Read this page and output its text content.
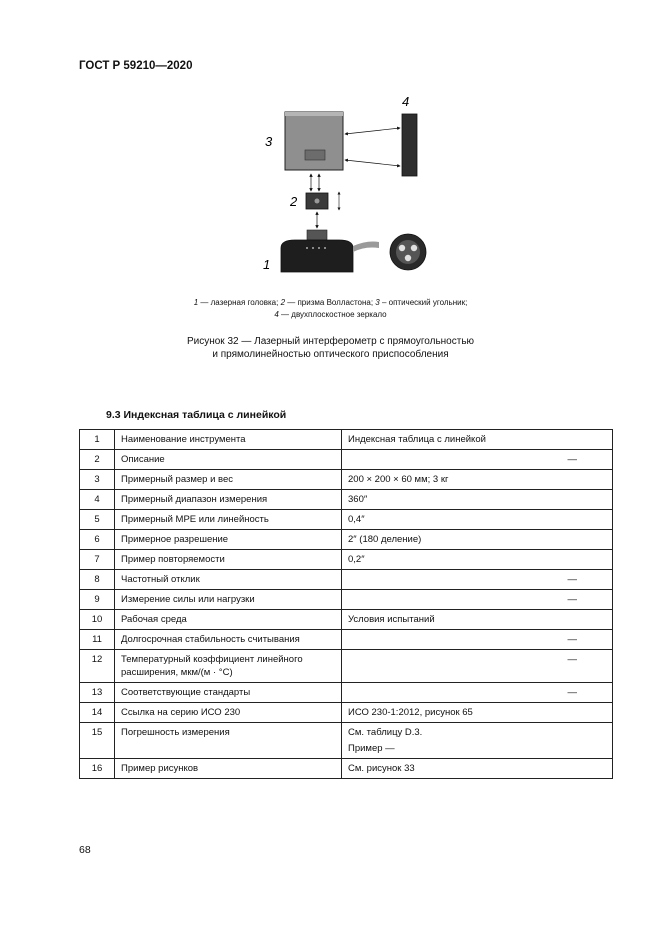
ГОСТ Р 59210—2020
3
4
2
1
1 — лазерная головка; 2 — призма Волластона; 3 – оптический угольник;
4 — двухплоскостное зеркало
Рисунок 32 — Лазерный интерферометр с прямоугольностью
и прямолинейностью оптического приспособления
9.3 Индексная таблица с линейкой
1	Наименование инструмента	Индексная таблица с линейкой
2	Описание	—
3	Примерный размер и вес	200 × 200 × 60 мм; 3 кг
4	Примерный диапазон измерения	360″
5	Примерный МРЕ или линейность	0,4″
6	Примерное разрешение	2″ (180 деление)
7	Пример повторяемости	0,2″
8	Частотный отклик	—
9	Измерение силы или нагрузки	—
10	Рабочая среда	Условия испытаний
11	Долгосрочная стабильность считывания	—
12	Температурный коэффициент линейного расширения, мкм/(м · °С)	—
13	Соответствующие стандарты	—
14	Ссылка на серию ИСО 230	ИСО 230-1:2012, рисунок 65
15	Погрешность измерения	См. таблицу D.3.
Пример —

16	Пример рисунков	См. рисунок 33
68
